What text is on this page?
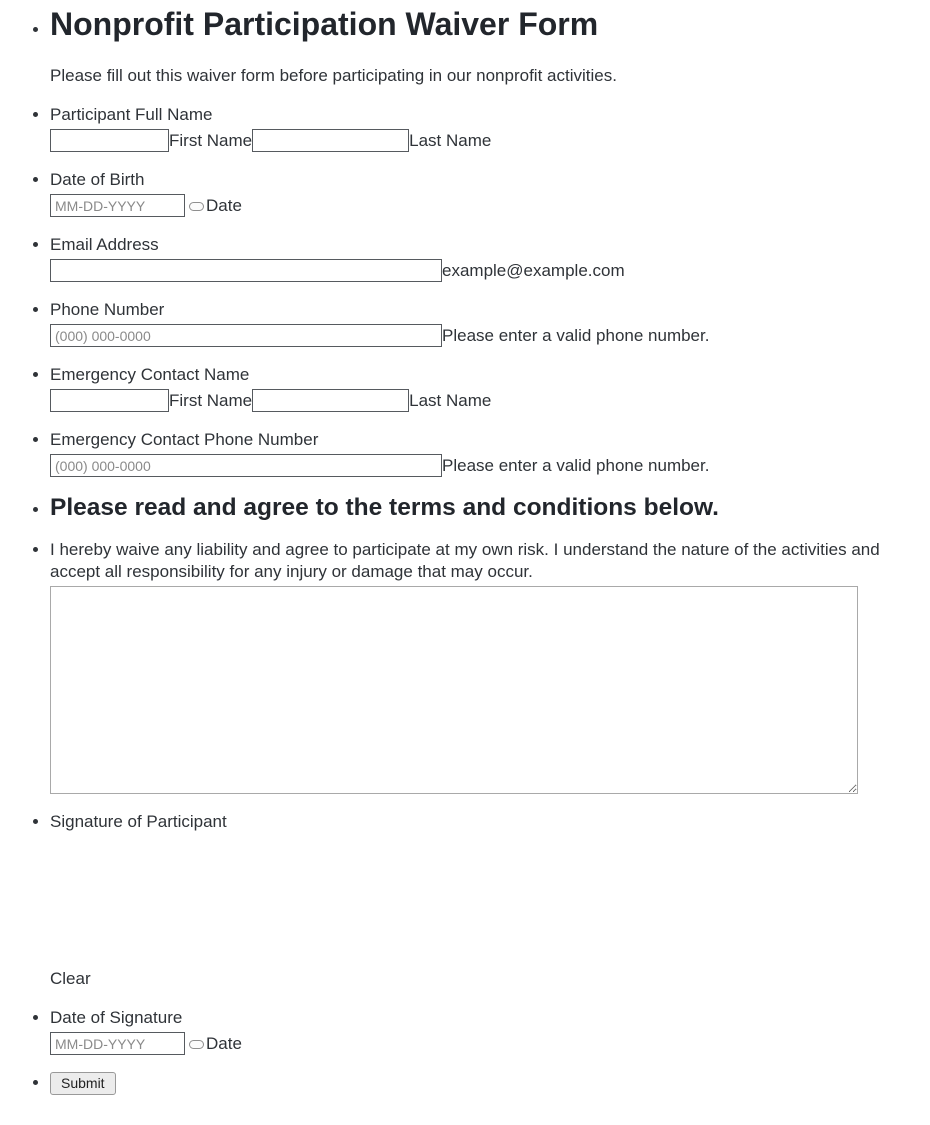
• Nonprofit Participation Waiver Form

Please fill out this waiver form before participating in our nonprofit activities.

• Participant Full Name
First Name	Last Name
• Date of Birth
MM-DD-YYYY
Date
• Email Address
example@example.com
• Phone Number
(000) 000-0000
Please enter a valid phone number.
• Emergency Contact Name
First Name	Last Name
• Emergency Contact Phone Number
(000) 000-0000
Please enter a valid phone number.
• Please read and agree to the terms and conditions below.

• I hereby waive any liability and agree to participate at my own risk. I understand the nature of the activities and accept all responsibility for any injury or damage that may occur.

• Signature of Participant
Clear
• Date of Signature
MM-DD-YYYY
Date
• Submit
